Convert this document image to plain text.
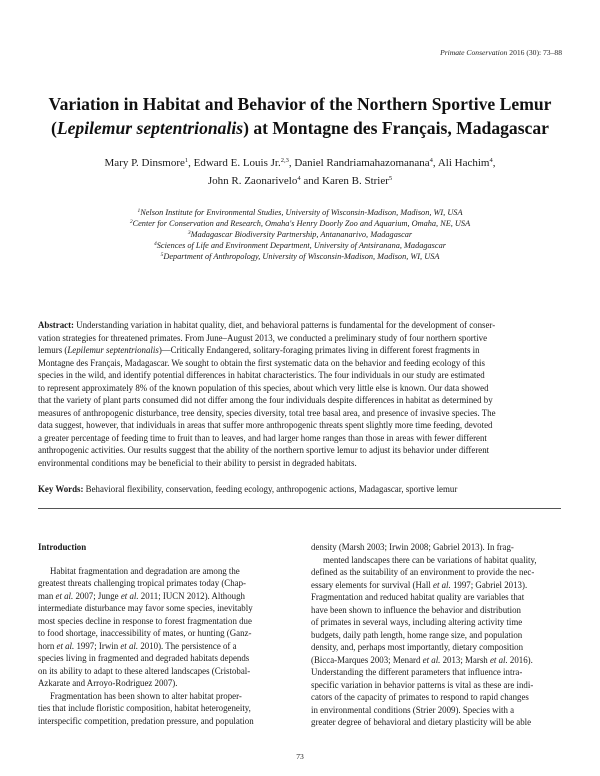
Primate Conservation 2016 (30): 73–88
Variation in Habitat and Behavior of the Northern Sportive Lemur
(Lepilemur septentrionalis) at Montagne des Français, Madagascar
Mary P. Dinsmore$^1$, Edward E. Louis Jr.$^{2,3}$, Daniel Randriamahazomanana$^4$, Ali Hachim$^4$,
John R. Zaonarivelo$^4$ and Karen B. Strier$^5$
$^1$Nelson Institute for Environmental Studies, University of Wisconsin-Madison, Madison, WI, USA
$^2$Center for Conservation and Research, Omaha's Henry Doorly Zoo and Aquarium, Omaha, NE, USA
$^3$Madagascar Biodiversity Partnership, Antananarivo, Madagascar
$^4$Sciences of Life and Environment Department, University of Antsiranana, Madagascar
$^5$Department of Anthropology, University of Wisconsin-Madison, Madison, WI, USA
Abstract: Understanding variation in habitat quality, diet, and behavioral patterns is fundamental for the development of conser-
vation strategies for threatened primates. From June–August 2013, we conducted a preliminary study of four northern sportive
lemurs (Lepilemur septentrionalis)—Critically Endangered, solitary-foraging primates living in different forest fragments in
Montagne des Français, Madagascar. We sought to obtain the first systematic data on the behavior and feeding ecology of this
species in the wild, and identify potential differences in habitat characteristics. The four individuals in our study are estimated
to represent approximately 8% of the known population of this species, about which very little else is known. Our data showed
that the variety of plant parts consumed did not differ among the four individuals despite differences in habitat as determined by
measures of anthropogenic disturbance, tree density, species diversity, total tree basal area, and presence of invasive species. The
data suggest, however, that individuals in areas that suffer more anthropogenic threats spent slightly more time feeding, devoted
a greater percentage of feeding time to fruit than to leaves, and had larger home ranges than those in areas with fewer different
anthropogenic activities. Our results suggest that the ability of the northern sportive lemur to adjust its behavior under different
environmental conditions may be beneficial to their ability to persist in degraded habitats.
Key Words: Behavioral flexibility, conservation, feeding ecology, anthropogenic actions, Madagascar, sportive lemur
Introduction
Habitat fragmentation and degradation are among the
greatest threats challenging tropical primates today (Chap-
man et al. 2007; Junge et al. 2011; IUCN 2012). Although
intermediate disturbance may favor some species, inevitably
most species decline in response to forest fragmentation due
to food shortage, inaccessibility of mates, or hunting (Ganz-
horn et al. 1997; Irwin et al. 2010). The persistence of a
species living in fragmented and degraded habitats depends
on its ability to adapt to these altered landscapes (Cristobal-
Azkarate and Arroyo-Rodriguez 2007).
Fragmentation has been shown to alter habitat proper-
ties that include floristic composition, habitat heterogeneity,
interspecific competition, predation pressure, and population
density (Marsh 2003; Irwin 2008; Gabriel 2013). In frag-
mented landscapes there can be variations of habitat quality,
defined as the suitability of an environment to provide the nec-
essary elements for survival (Hall et al. 1997; Gabriel 2013).
Fragmentation and reduced habitat quality are variables that
have been shown to influence the behavior and distribution
of primates in several ways, including altering activity time
budgets, daily path length, home range size, and population
density, and, perhaps most importantly, dietary composition
(Bicca-Marques 2003; Menard et al. 2013; Marsh et al. 2016).
Understanding the different parameters that influence intra-
specific variation in behavior patterns is vital as these are indi-
cators of the capacity of primates to respond to rapid changes
in environmental conditions (Strier 2009). Species with a
greater degree of behavioral and dietary plasticity will be able
73
